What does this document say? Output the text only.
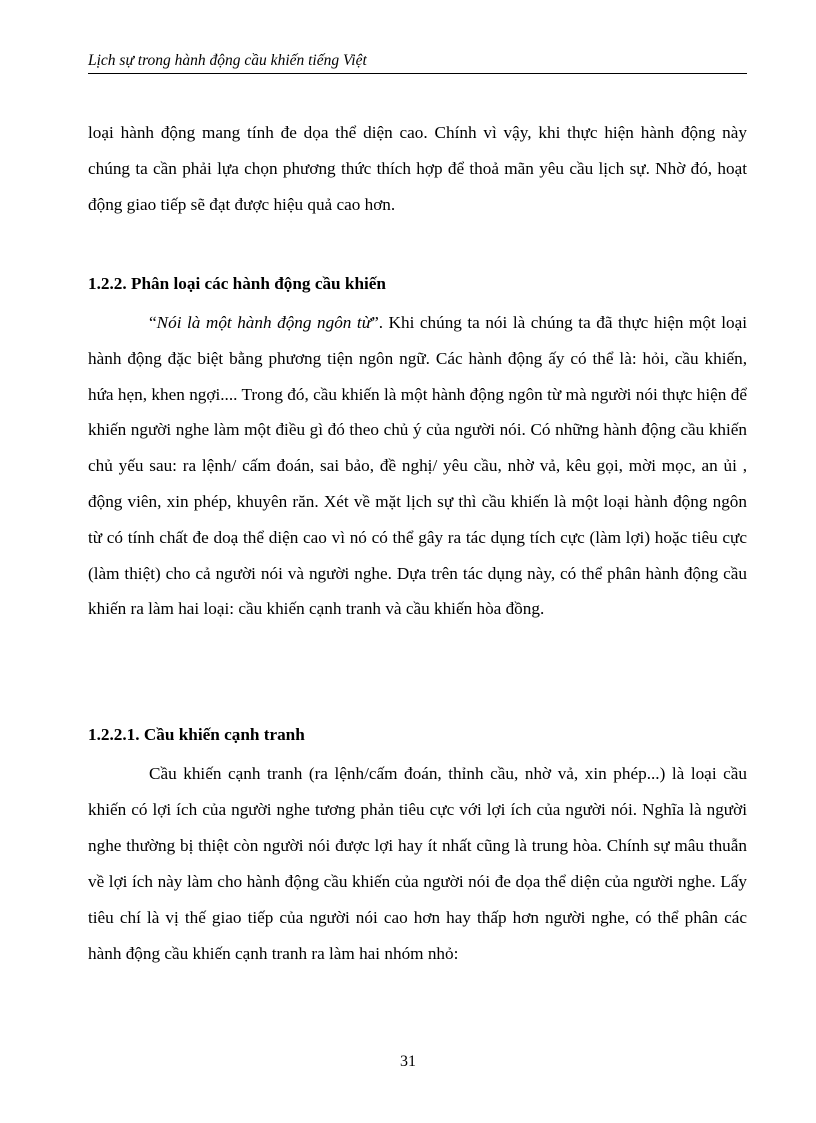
Lịch sự trong hành động cầu khiến tiếng Việt

loại hành động mang tính đe dọa thể diện cao. Chính vì vậy, khi thực hiện hành động này chúng ta cần phải lựa chọn phương thức thích hợp để thoả mãn yêu cầu lịch sự. Nhờ đó, hoạt động giao tiếp sẽ đạt được hiệu quả cao hơn.

1.2.2. Phân loại các hành động cầu khiến

“Nói là một hành động ngôn từ”. Khi chúng ta nói là chúng ta đã thực hiện một loại hành động đặc biệt bằng phương tiện ngôn ngữ. Các hành động ấy có thể là: hỏi, cầu khiến, hứa hẹn, khen ngợi.... Trong đó, cầu khiến là một hành động ngôn từ mà người nói thực hiện để khiến người nghe làm một điều gì đó theo chủ ý của người nói. Có những hành động cầu khiến chủ yếu sau: ra lệnh/ cấm đoán, sai bảo, đề nghị/ yêu cầu, nhờ vả, kêu gọi, mời mọc, an ủi , động viên, xin phép, khuyên răn. Xét về mặt lịch sự thì cầu khiến là một loại hành động ngôn từ có tính chất đe doạ thể diện cao vì nó có thể gây ra tác dụng tích cực (làm lợi) hoặc tiêu cực (làm thiệt) cho cả người nói và người nghe. Dựa trên tác dụng này, có thể phân hành động cầu khiến ra làm hai loại: cầu khiến cạnh tranh và cầu khiến hòa đồng.

1.2.2.1. Cầu khiến cạnh tranh

Cầu khiến cạnh tranh (ra lệnh/cấm đoán, thỉnh cầu, nhờ vả, xin phép...) là loại cầu khiến có lợi ích của người nghe tương phản tiêu cực với lợi ích của người nói. Nghĩa là người nghe thường bị thiệt còn người nói được lợi hay ít nhất cũng là trung hòa. Chính sự mâu thuẫn về lợi ích này làm cho hành động cầu khiến của người nói đe dọa thể diện của người nghe. Lấy tiêu chí là vị thế giao tiếp của người nói cao hơn hay thấp hơn người nghe, có thể phân các hành động cầu khiến cạnh tranh ra làm hai nhóm nhỏ:

31
